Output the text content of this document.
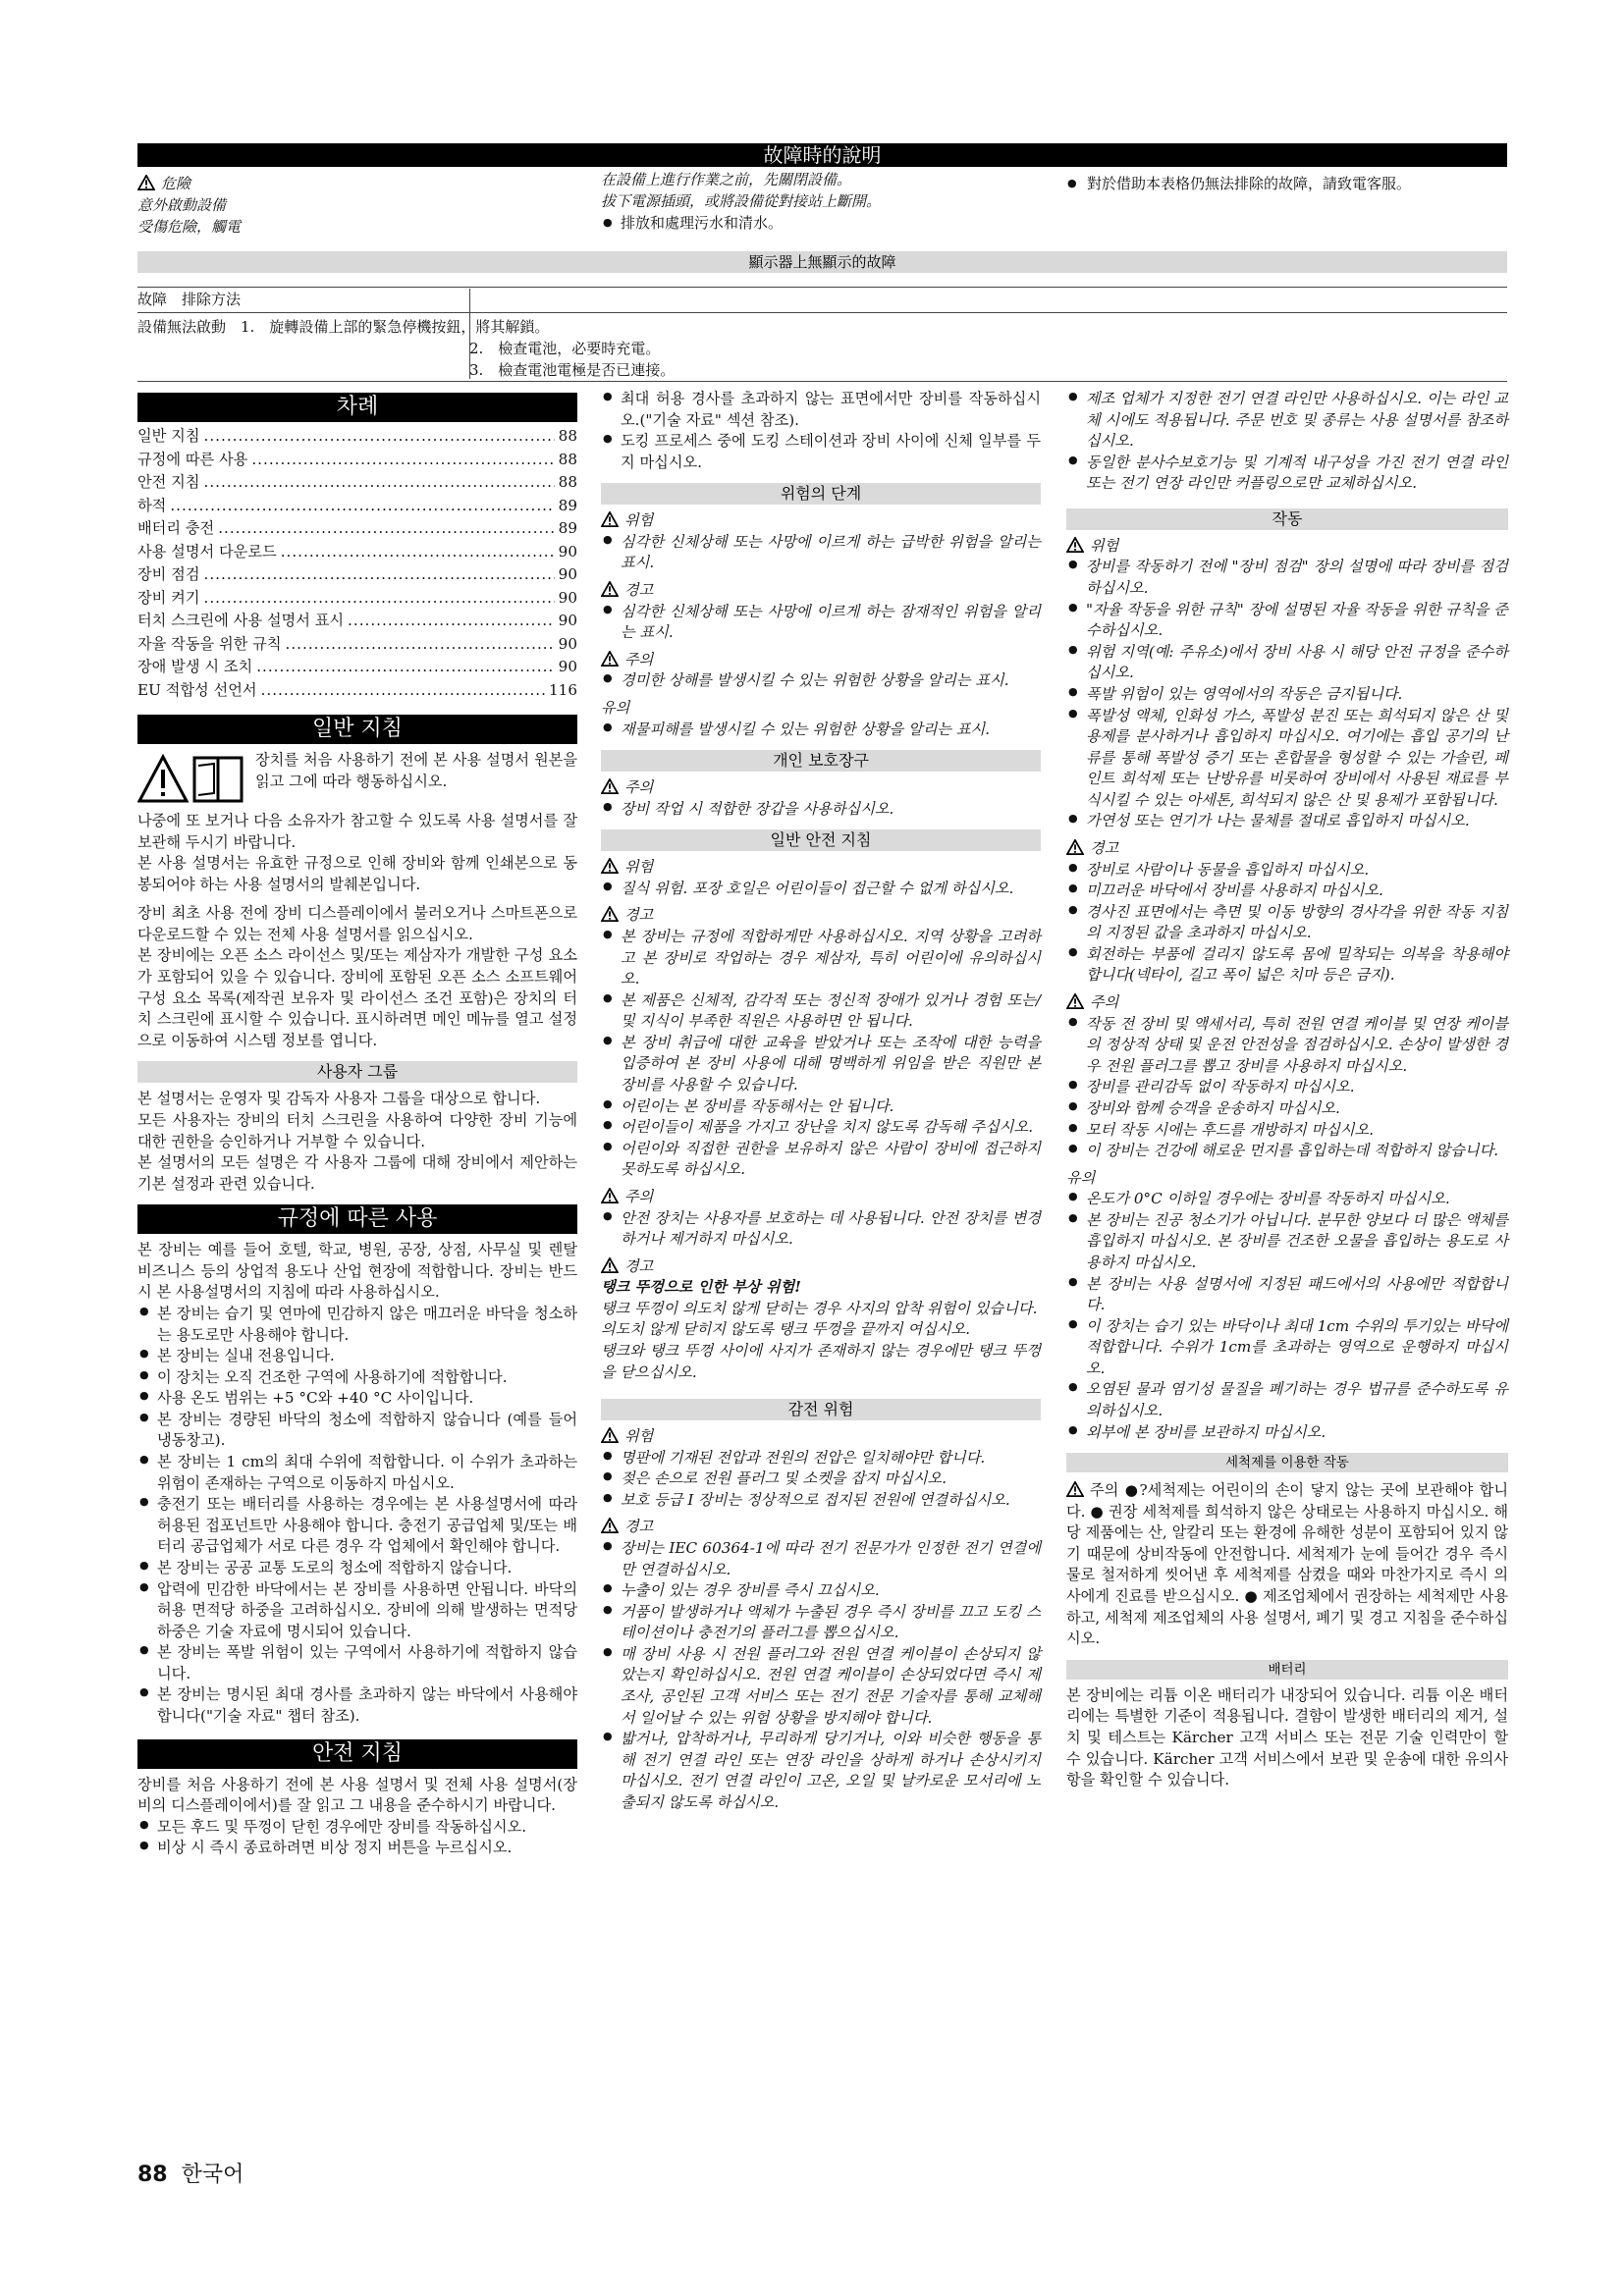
故障時的說明
危險
意外啟動設備
受傷危險，觸電
在設備上進行作業之前，先關閉設備。
拔下電源插頭，或將設備從對接站上斷開。
● 排放和處理污水和清水。
● 對於借助本表格仍無法排除的故障，請致電客服。
顯示器上無顯示的故障
故障　排除方法
設備無法啟動　1.　旋轉設備上部的緊急停機按鈕，將其解鎖。
2.　檢查電池，必要時充電。
3.　檢查電池電極是否已連接。
차례
일반 지침 .....	88
규정에 따른 사용 .....	88
안전 지침 .....	88
하적 .....	89
배터리 충전 .....	89
사용 설명서 다운로드 .....	90
장비 점검 .....	90
장비 켜기 .....	90
터치 스크린에 사용 설명서 표시 .....	90
자율 작동을 위한 규칙 .....	90
장애 발생 시 조치 .....	90
EU 적합성 선언서 .....	116
일반 지침

장치를 처음 사용하기 전에 본 사용 설명서 원본을 읽고 그에 따라 행동하십시오.

나중에 또 보거나 다음 소유자가 참고할 수 있도록 사용 설명서를 잘 보관해 두시기 바랍니다.

본 사용 설명서는 유효한 규정으로 인해 장비와 함께 인쇄본으로 동봉되어야 하는 사용 설명서의 발췌본입니다.

장비 최초 사용 전에 장비 디스플레이에서 불러오거나 스마트폰으로 다운로드할 수 있는 전체 사용 설명서를 읽으십시오.

본 장비에는 오픈 소스 라이선스 및/또는 제삼자가 개발한 구성 요소가 포함되어 있을 수 있습니다. 장비에 포함된 오픈 소스 소프트웨어 구성 요소 목록(제작권 보유자 및 라이선스 조건 포함)은 장치의 터치 스크린에 표시할 수 있습니다. 표시하려면 메인 메뉴를 열고 설정으로 이동하여 시스템 정보를 엽니다.

사용자 그룹

본 설명서는 운영자 및 감독자 사용자 그룹을 대상으로 합니다.

모든 사용자는 장비의 터치 스크린을 사용하여 다양한 장비 기능에 대한 권한을 승인하거나 거부할 수 있습니다.

본 설명서의 모든 설명은 각 사용자 그룹에 대해 장비에서 제안하는 기본 설정과 관련 있습니다.

규정에 따른 사용

본 장비는 예를 들어 호텔, 학교, 병원, 공장, 상점, 사무실 및 렌탈 비즈니스 등의 상업적 용도나 산업 현장에 적합합니다. 장비는 반드시 본 사용설명서의 지침에 따라 사용하십시오.

● 본 장비는 습기 및 연마에 민감하지 않은 매끄러운 바닥을 청소하는 용도로만 사용해야 합니다.
● 본 장비는 실내 전용입니다.
● 이 장치는 오직 건조한 구역에 사용하기에 적합합니다.
● 사용 온도 범위는 +5 °C와 +40 °C 사이입니다.
● 본 장비는 경량된 바닥의 청소에 적합하지 않습니다 (예를 들어 냉동창고).
● 본 장비는 1 cm의 최대 수위에 적합합니다. 이 수위가 초과하는 위험이 존재하는 구역으로 이동하지 마십시오.
● 충전기 또는 배터리를 사용하는 경우에는 본 사용설명서에 따라 허용된 접포넌트만 사용해야 합니다. 충전기 공급업체 및/또는 배터리 공급업체가 서로 다른 경우 각 업체에서 확인해야 합니다.
● 본 장비는 공공 교통 도로의 청소에 적합하지 않습니다.
● 압력에 민감한 바닥에서는 본 장비를 사용하면 안됩니다. 바닥의 허용 면적당 하중을 고려하십시오. 장비에 의해 발생하는 면적당 하중은 기술 자료에 명시되어 있습니다.
● 본 장비는 폭발 위험이 있는 구역에서 사용하기에 적합하지 않습니다.
● 본 장비는 명시된 최대 경사를 초과하지 않는 바닥에서 사용해야 합니다("기술 자료" 챕터 참조).
안전 지침

장비를 처음 사용하기 전에 본 사용 설명서 및 전체 사용 설명서(장비의 디스플레이에서)를 잘 읽고 그 내용을 준수하시기 바랍니다.

● 모든 후드 및 뚜껑이 닫힌 경우에만 장비를 작동하십시오.
● 비상 시 즉시 종료하려면 비상 정지 버튼을 누르십시오.
● 최대 허용 경사를 초과하지 않는 표면에서만 장비를 작동하십시오.("기술 자료" 섹션 참조).
● 도킹 프로세스 중에 도킹 스테이션과 장비 사이에 신체 일부를 두지 마십시오.
위험의 단계
위험
● 심각한 신체상해 또는 사망에 이르게 하는 급박한 위험을 알리는 표시.
경고
● 심각한 신체상해 또는 사망에 이르게 하는 잠재적인 위험을 알리는 표시.
주의
● 경미한 상해를 발생시킬 수 있는 위험한 상황을 알리는 표시.
유의
● 재물피해를 발생시킬 수 있는 위험한 상황을 알리는 표시.
개인 보호장구
주의
● 장비 작업 시 적합한 장갑을 사용하십시오.
일반 안전 지침
위험
● 질식 위험. 포장 호일은 어린이들이 접근할 수 없게 하십시오.
경고
● 본 장비는 규정에 적합하게만 사용하십시오. 지역 상황을 고려하고 본 장비로 작업하는 경우 제삼자, 특히 어린이에 유의하십시오.
● 본 제품은 신체적, 감각적 또는 정신적 장애가 있거나 경험 또는/및 지식이 부족한 직원은 사용하면 안 됩니다.
● 본 장비 취급에 대한 교육을 받았거나 또는 조작에 대한 능력을 입증하여 본 장비 사용에 대해 명백하게 위임을 받은 직원만 본 장비를 사용할 수 있습니다.
● 어린이는 본 장비를 작동해서는 안 됩니다.
● 어린이들이 제품을 가지고 장난을 치지 않도록 감독해 주십시오.
● 어린이와 직접한 권한을 보유하지 않은 사람이 장비에 접근하지 못하도록 하십시오.
주의
● 안전 장치는 사용자를 보호하는 데 사용됩니다. 안전 장치를 변경하거나 제거하지 마십시오.
경고

탱크 뚜껑으로 인한 부상 위험!

탱크 뚜껑이 의도치 않게 닫히는 경우 사지의 압착 위험이 있습니다.

의도치 않게 닫히지 않도록 탱크 뚜껑을 끝까지 여십시오.

탱크와 탱크 뚜껑 사이에 사지가 존재하지 않는 경우에만 탱크 뚜껑을 닫으십시오.

감전 위험
위험
● 명판에 기재된 전압과 전원의 전압은 일치해야만 합니다.
● 젖은 손으로 전원 플러그 및 소켓을 잡지 마십시오.
● 보호 등급 I 장비는 정상적으로 접지된 전원에 연결하십시오.
경고
● 장비는 IEC 60364-1에 따라 전기 전문가가 인정한 전기 연결에만 연결하십시오.
● 누출이 있는 경우 장비를 즉시 끄십시오.
● 거품이 발생하거나 액체가 누출된 경우 즉시 장비를 끄고 도킹 스테이션이나 충전기의 플러그를 뽑으십시오.
● 매 장비 사용 시 전원 플러그와 전원 연결 케이블이 손상되지 않았는지 확인하십시오. 전원 연결 케이블이 손상되었다면 즉시 제조사, 공인된 고객 서비스 또는 전기 전문 기술자를 통해 교체해서 일어날 수 있는 위험 상황을 방지해야 합니다.
● 밟거나, 압착하거나, 무리하게 당기거나, 이와 비슷한 행동을 통해 전기 연결 라인 또는 연장 라인을 상하게 하거나 손상시키지 마십시오. 전기 연결 라인이 고온, 오일 및 날카로운 모서리에 노출되지 않도록 하십시오.
● 제조 업체가 지정한 전기 연결 라인만 사용하십시오. 이는 라인 교체 시에도 적용됩니다. 주문 번호 및 종류는 사용 설명서를 참조하십시오.
● 동일한 분사수보호기능 및 기계적 내구성을 가진 전기 연결 라인 또는 전기 연장 라인만 커플링으로만 교체하십시오.
작동
위험
● 장비를 작동하기 전에 "장비 점검" 장의 설명에 따라 장비를 점검하십시오.
● "자율 작동을 위한 규칙" 장에 설명된 자율 작동을 위한 규칙을 준수하십시오.
● 위험 지역(예: 주유소)에서 장비 사용 시 해당 안전 규정을 준수하십시오.
● 폭발 위험이 있는 영역에서의 작동은 금지됩니다.
● 폭발성 액체, 인화성 가스, 폭발성 분진 또는 희석되지 않은 산 및 용제를 분사하거나 흡입하지 마십시오. 여기에는 흡입 공기의 난류를 통해 폭발성 증기 또는 혼합물을 형성할 수 있는 가솔린, 페인트 희석제 또는 난방유를 비롯하여 장비에서 사용된 재료를 부식시킬 수 있는 아세톤, 희석되지 않은 산 및 용제가 포함됩니다.
● 가연성 또는 연기가 나는 물체를 절대로 흡입하지 마십시오.
경고
● 장비로 사람이나 동물을 흡입하지 마십시오.
● 미끄러운 바닥에서 장비를 사용하지 마십시오.
● 경사진 표면에서는 측면 및 이동 방향의 경사각을 위한 작동 지침의 지정된 값을 초과하지 마십시오.
● 회전하는 부품에 걸리지 않도록 몸에 밀착되는 의복을 착용해야 합니다(넥타이, 길고 폭이 넓은 치마 등은 금지).
주의
● 작동 전 장비 및 액세서리, 특히 전원 연결 케이블 및 연장 케이블의 정상적 상태 및 운전 안전성을 점검하십시오. 손상이 발생한 경우 전원 플러그를 뽑고 장비를 사용하지 마십시오.
● 장비를 관리감독 없이 작동하지 마십시오.
● 장비와 함께 승객을 운송하지 마십시오.
● 모터 작동 시에는 후드를 개방하지 마십시오.
● 이 장비는 건강에 해로운 먼지를 흡입하는데 적합하지 않습니다.
유의
● 온도가 0°C 이하일 경우에는 장비를 작동하지 마십시오.
● 본 장비는 진공 청소기가 아닙니다. 분무한 양보다 더 많은 액체를 흡입하지 마십시오. 본 장비를 건조한 오물을 흡입하는 용도로 사용하지 마십시오.
● 본 장비는 사용 설명서에 지정된 패드에서의 사용에만 적합합니다.
● 이 장치는 습기 있는 바닥이나 최대 1cm 수위의 투기있는 바닥에 적합합니다. 수위가 1cm를 초과하는 영역으로 운행하지 마십시오.
● 오염된 물과 염기성 물질을 폐기하는 경우 법규를 준수하도록 유의하십시오.
● 외부에 본 장비를 보관하지 마십시오.
세척제를 이용한 작동

주의 ●?세척제는 어린이의 손이 닿지 않는 곳에 보관해야 합니다. ● 권장 세척제를 희석하지 않은 상태로는 사용하지 마십시오. 해당 제품에는 산, 알칼리 또는 환경에 유해한 성분이 포함되어 있지 않기 때문에 상비작동에 안전합니다. 세척제가 눈에 들어간 경우 즉시 물로 철저하게 씻어낸 후 세척제를 삼켰을 때와 마찬가지로 즉시 의사에게 진료를 받으십시오. ● 제조업체에서 권장하는 세척제만 사용하고, 세척제 제조업체의 사용 설명서, 폐기 및 경고 지침을 준수하십시오.

배터리

본 장비에는 리튬 이온 배터리가 내장되어 있습니다. 리튬 이온 배터리에는 특별한 기준이 적용됩니다. 결함이 발생한 배터리의 제거, 설치 및 테스트는 Kärcher 고객 서비스 또는 전문 기술 인력만이 할 수 있습니다. Kärcher 고객 서비스에서 보관 및 운송에 대한 유의사항을 확인할 수 있습니다.

88 한국어
